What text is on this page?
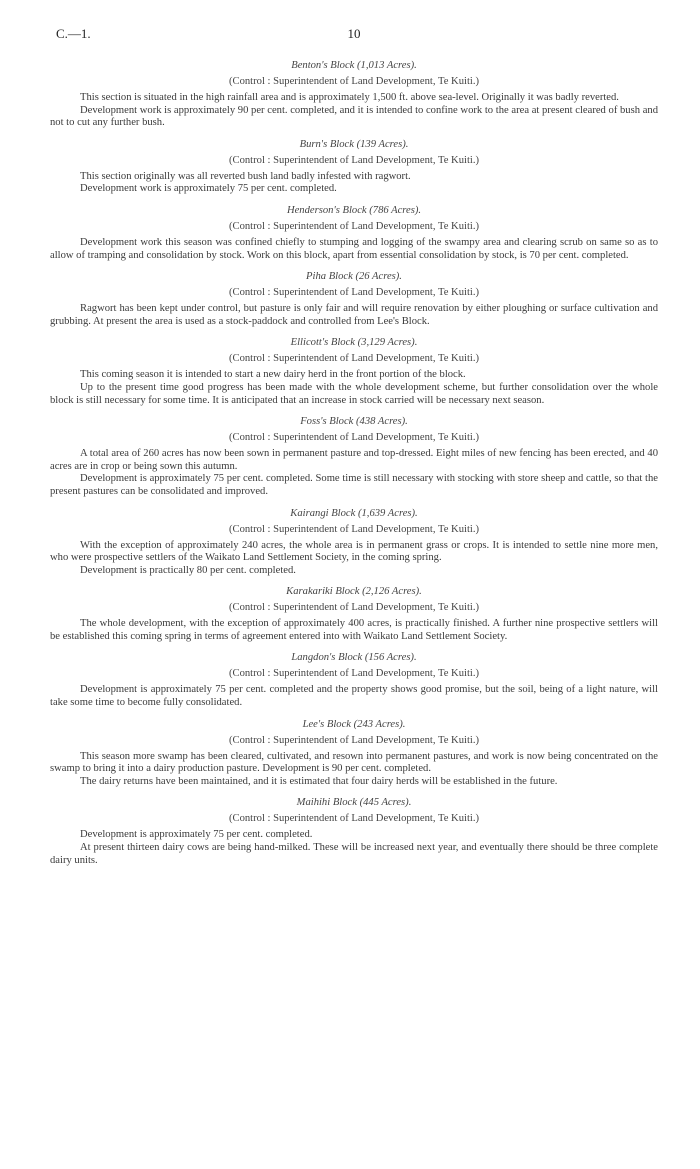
C.—1.	10
Benton's Block (1,013 Acres).
(Control : Superintendent of Land Development, Te Kuiti.)

This section is situated in the high rainfall area and is approximately 1,500 ft. above sea-level. Originally it was badly reverted.

Development work is approximately 90 per cent. completed, and it is intended to confine work to the area at present cleared of bush and not to cut any further bush.

Burn's Block (139 Acres).
(Control : Superintendent of Land Development, Te Kuiti.)

This section originally was all reverted bush land badly infested with ragwort.

Development work is approximately 75 per cent. completed.

Henderson's Block (786 Acres).
(Control : Superintendent of Land Development, Te Kuiti.)

Development work this season was confined chiefly to stumping and logging of the swampy area and clearing scrub on same so as to allow of tramping and consolidation by stock. Work on this block, apart from essential consolidation by stock, is 70 per cent. completed.

Piha Block (26 Acres).
(Control : Superintendent of Land Development, Te Kuiti.)

Ragwort has been kept under control, but pasture is only fair and will require renovation by either ploughing or surface cultivation and grubbing. At present the area is used as a stock-paddock and controlled from Lee's Block.

Ellicott's Block (3,129 Acres).
(Control : Superintendent of Land Development, Te Kuiti.)

This coming season it is intended to start a new dairy herd in the front portion of the block.

Up to the present time good progress has been made with the whole development scheme, but further consolidation over the whole block is still necessary for some time. It is anticipated that an increase in stock carried will be necessary next season.

Foss's Block (438 Acres).
(Control : Superintendent of Land Development, Te Kuiti.)

A total area of 260 acres has now been sown in permanent pasture and top-dressed. Eight miles of new fencing has been erected, and 40 acres are in crop or being sown this autumn.

Development is approximately 75 per cent. completed. Some time is still necessary with stocking with store sheep and cattle, so that the present pastures can be consolidated and improved.

Kairangi Block (1,639 Acres).
(Control : Superintendent of Land Development, Te Kuiti.)

With the exception of approximately 240 acres, the whole area is in permanent grass or crops. It is intended to settle nine more men, who were prospective settlers of the Waikato Land Settlement Society, in the coming spring.

Development is practically 80 per cent. completed.

Karakariki Block (2,126 Acres).
(Control : Superintendent of Land Development, Te Kuiti.)

The whole development, with the exception of approximately 400 acres, is practically finished. A further nine prospective settlers will be established this coming spring in terms of agreement entered into with Waikato Land Settlement Society.

Langdon's Block (156 Acres).
(Control : Superintendent of Land Development, Te Kuiti.)

Development is approximately 75 per cent. completed and the property shows good promise, but the soil, being of a light nature, will take some time to become fully consolidated.

Lee's Block (243 Acres).
(Control : Superintendent of Land Development, Te Kuiti.)

This season more swamp has been cleared, cultivated, and resown into permanent pastures, and work is now being concentrated on the swamp to bring it into a dairy production pasture. Development is 90 per cent. completed.

The dairy returns have been maintained, and it is estimated that four dairy herds will be established in the future.

Maihihi Block (445 Acres).
(Control : Superintendent of Land Development, Te Kuiti.)

Development is approximately 75 per cent. completed.

At present thirteen dairy cows are being hand-milked. These will be increased next year, and eventually there should be three complete dairy units.
